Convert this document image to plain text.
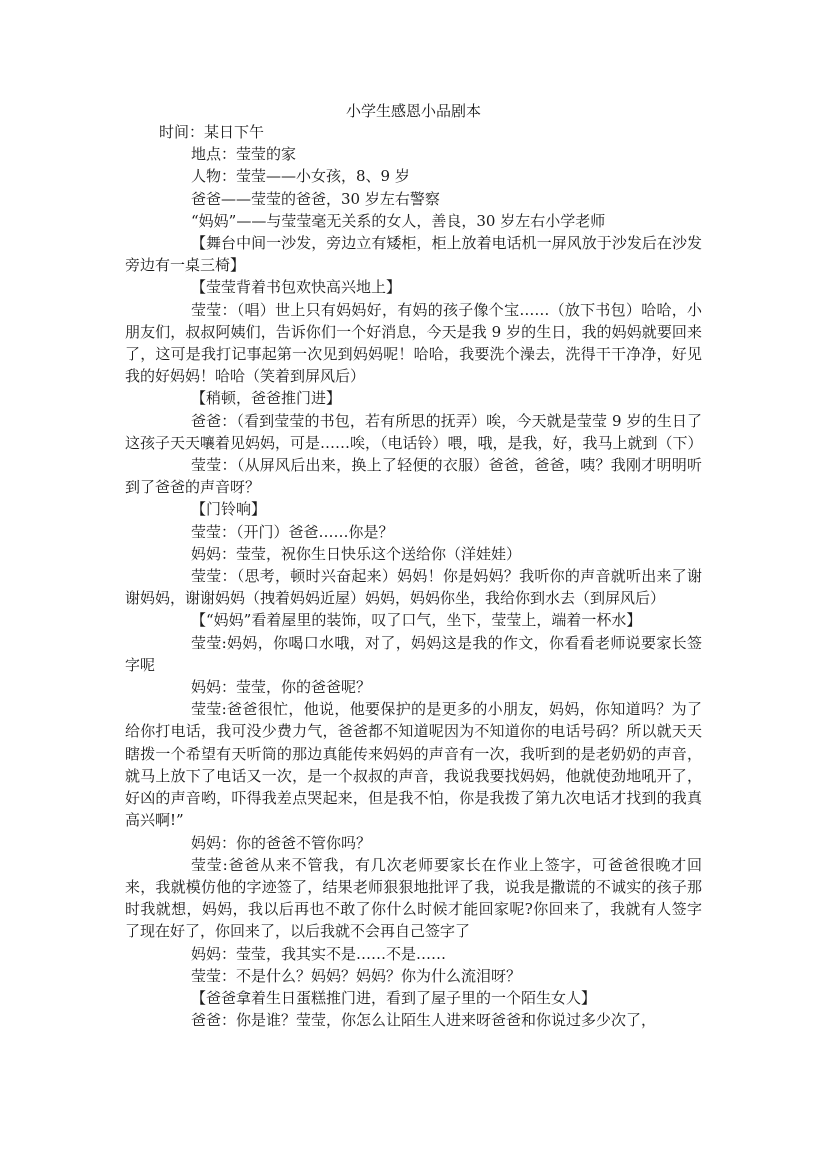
小学生感恩小品剧本

时间：某日下午

地点：莹莹的家

人物：莹莹——小女孩，8、9 岁

爸爸——莹莹的爸爸，30 岁左右警察

“妈妈”——与莹莹毫无关系的女人，善良，30 岁左右小学老师

【舞台中间一沙发，旁边立有矮柜，柜上放着电话机一屏风放于沙发后在沙发旁边有一桌三椅】

【莹莹背着书包欢快高兴地上】

莹莹：（唱）世上只有妈妈好，有妈的孩子像个宝……（放下书包）哈哈，小朋友们，叔叔阿姨们，告诉你们一个好消息，今天是我 9 岁的生日，我的妈妈就要回来了，这可是我打记事起第一次见到妈妈呢！哈哈，我要洗个澡去，洗得干干净净，好见我的好妈妈！哈哈（笑着到屏风后）

【稍顿，爸爸推门进】

爸爸：（看到莹莹的书包，若有所思的抚弄）唉，今天就是莹莹 9 岁的生日了这孩子天天嚷着见妈妈，可是……唉，（电话铃）喂，哦，是我，好，我马上就到（下）

莹莹：（从屏风后出来，换上了轻便的衣服）爸爸，爸爸，咦？我刚才明明听到了爸爸的声音呀？

【门铃响】

莹莹：（开门）爸爸……你是？

妈妈：莹莹，祝你生日快乐这个送给你（洋娃娃）

莹莹：（思考，顿时兴奋起来）妈妈！你是妈妈？我听你的声音就听出来了谢谢妈妈，谢谢妈妈（拽着妈妈近屋）妈妈，妈妈你坐，我给你到水去（到屏风后）

【“妈妈”看着屋里的装饰，叹了口气，坐下，莹莹上，端着一杯水】

莹莹:妈妈，你喝口水哦，对了，妈妈这是我的作文，你看看老师说要家长签字呢

妈妈：莹莹，你的爸爸呢？

莹莹:爸爸很忙，他说，他要保护的是更多的小朋友，妈妈，你知道吗？为了给你打电话，我可没少费力气，爸爸都不知道呢因为不知道你的电话号码？所以就天天瞎拨一个希望有天听筒的那边真能传来妈妈的声音有一次，我听到的是老奶奶的声音，就马上放下了电话又一次，是一个叔叔的声音，我说我要找妈妈，他就使劲地吼开了，好凶的声音哟，吓得我差点哭起来，但是我不怕，你是我拨了第九次电话才找到的我真高兴啊!”

妈妈：你的爸爸不管你吗？

莹莹:爸爸从来不管我，有几次老师要家长在作业上签字，可爸爸很晚才回来，我就模仿他的字迹签了，结果老师狠狠地批评了我，说我是撒谎的不诚实的孩子那时我就想，妈妈，我以后再也不敢了你什么时候才能回家呢?你回来了，我就有人签字了现在好了，你回来了，以后我就不会再自己签字了

妈妈：莹莹，我其实不是……不是……

莹莹：不是什么？妈妈？妈妈？你为什么流泪呀？

【爸爸拿着生日蛋糕推门进，看到了屋子里的一个陌生女人】

爸爸：你是谁？莹莹，你怎么让陌生人进来呀爸爸和你说过多少次了，
